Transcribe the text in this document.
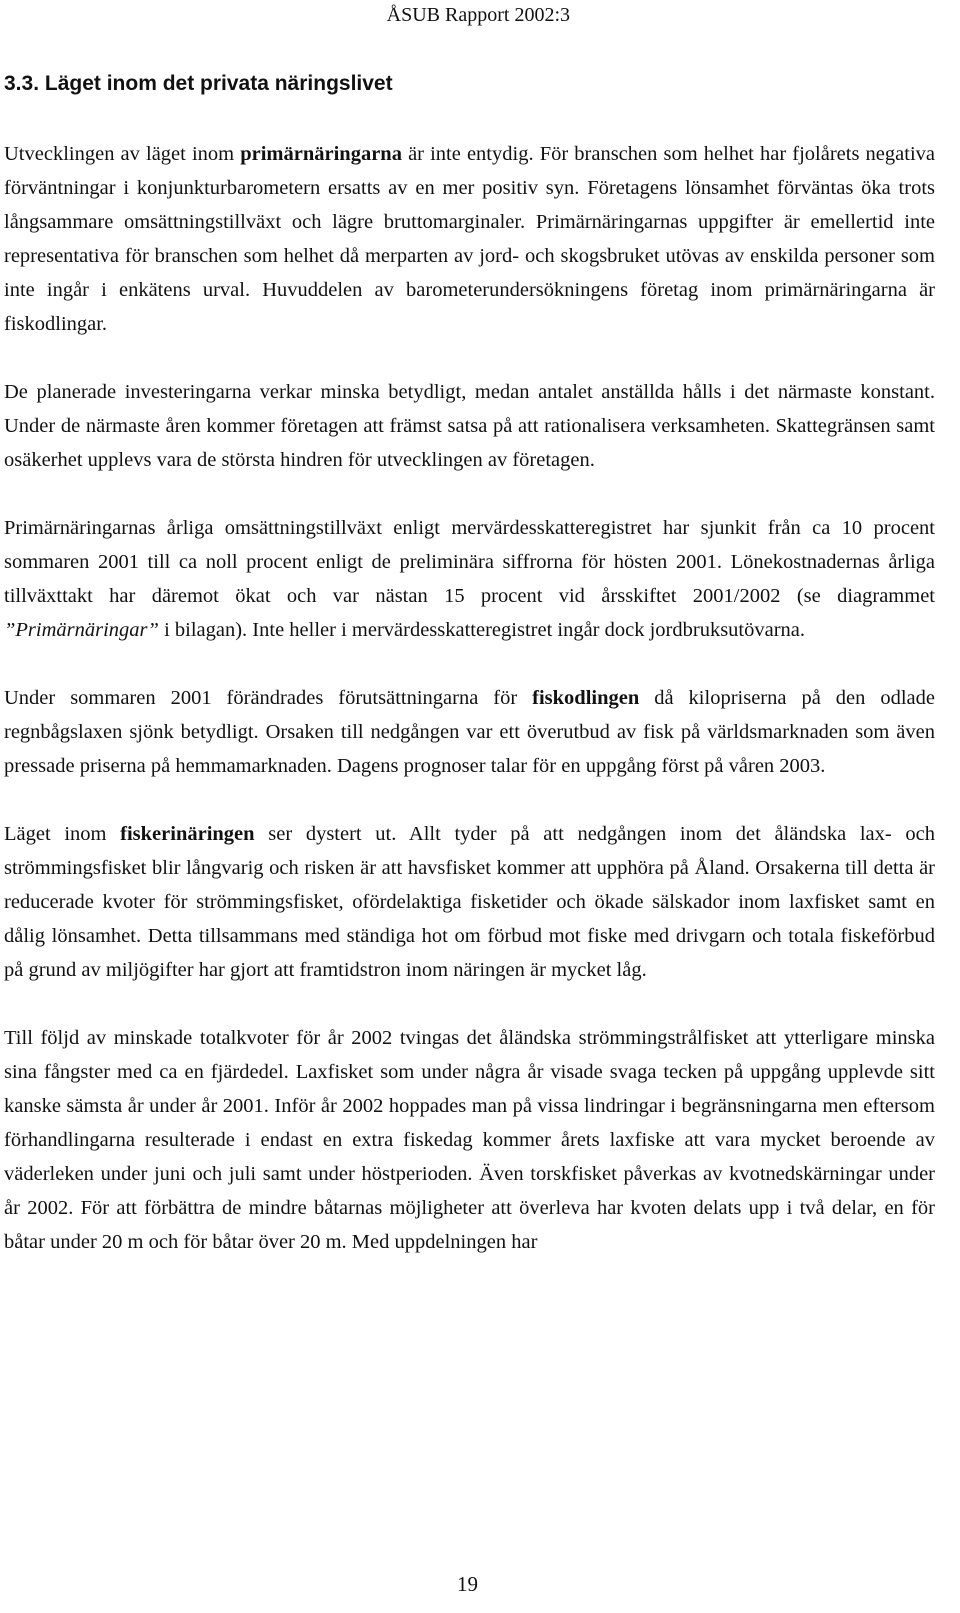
ÅSUB Rapport 2002:3
3.3. Läget inom det privata näringslivet

Utvecklingen av läget inom primärnäringarna är inte entydig. För branschen som helhet har fjolårets negativa förväntningar i konjunkturbarometern ersatts av en mer positiv syn. Företagens lönsamhet förväntas öka trots långsammare omsättningstillväxt och lägre bruttomarginaler. Primärnäringarnas uppgifter är emellertid inte representativa för branschen som helhet då merparten av jord- och skogsbruket utövas av enskilda personer som inte ingår i enkätens urval. Huvuddelen av barometerundersökningens företag inom primärnäringarna är fiskodlingar.

De planerade investeringarna verkar minska betydligt, medan antalet anställda hålls i det närmaste konstant. Under de närmaste åren kommer företagen att främst satsa på att rationalisera verksamheten. Skattegränsen samt osäkerhet upplevs vara de största hindren för utvecklingen av företagen.

Primärnäringarnas årliga omsättningstillväxt enligt mervärdesskatteregistret har sjunkit från ca 10 procent sommaren 2001 till ca noll procent enligt de preliminära siffrorna för hösten 2001. Lönekostnadernas årliga tillväxttakt har däremot ökat och var nästan 15 procent vid årsskiftet 2001/2002 (se diagrammet ”Primärnäringar” i bilagan). Inte heller i mervärdesskatteregistret ingår dock jordbruksutövarna.

Under sommaren 2001 förändrades förutsättningarna för fiskodlingen då kilopriserna på den odlade regnbågslaxen sjönk betydligt. Orsaken till nedgången var ett överutbud av fisk på världsmarknaden som även pressade priserna på hemmamarknaden. Dagens prognoser talar för en uppgång först på våren 2003.

Läget inom fiskerinäringen ser dystert ut. Allt tyder på att nedgången inom det åländska lax- och strömmingsfisket blir långvarig och risken är att havsfisket kommer att upphöra på Åland. Orsakerna till detta är reducerade kvoter för strömmingsfisket, ofördelaktiga fisketider och ökade sälskador inom laxfisket samt en dålig lönsamhet. Detta tillsammans med ständiga hot om förbud mot fiske med drivgarn och totala fiskeförbud på grund av miljögifter har gjort att framtidstron inom näringen är mycket låg.

Till följd av minskade totalkvoter för år 2002 tvingas det åländska strömmingstrålfisket att ytterligare minska sina fångster med ca en fjärdedel. Laxfisket som under några år visade svaga tecken på uppgång upplevde sitt kanske sämsta år under år 2001. Inför år 2002 hoppades man på vissa lindringar i begränsningarna men eftersom förhandlingarna resulterade i endast en extra fiskedag kommer årets laxfiske att vara mycket beroende av väderleken under juni och juli samt under höstperioden. Även torskfisket påverkas av kvotnedskärningar under år 2002. För att förbättra de mindre båtarnas möjligheter att överleva har kvoten delats upp i två delar, en för båtar under 20 m och för båtar över 20 m. Med uppdelningen har

19
